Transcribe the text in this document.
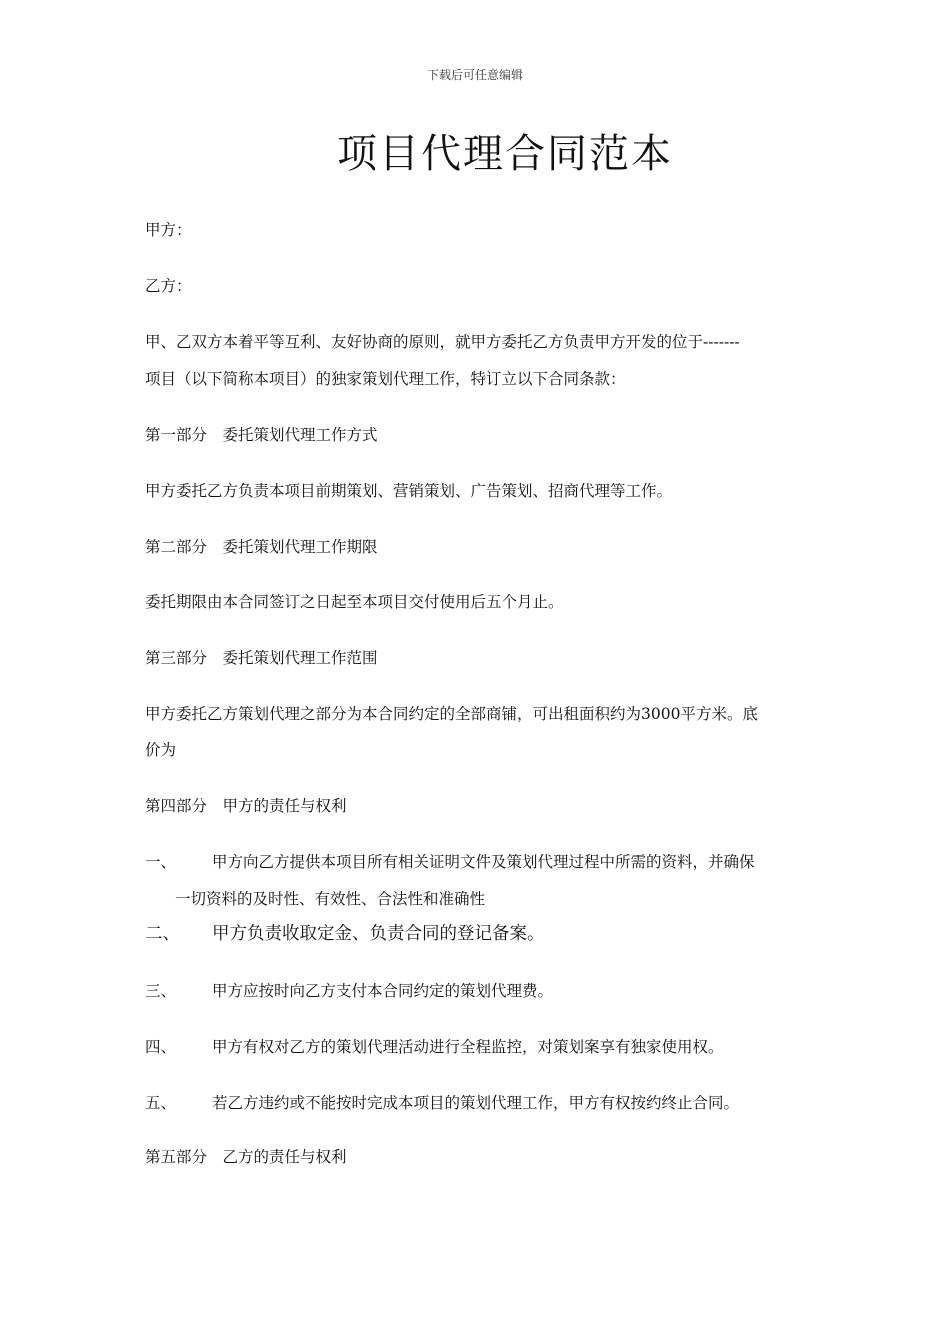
下载后可任意编辑
项目代理合同范本
甲方：
乙方：
甲、乙双方本着平等互利、友好协商的原则，就甲方委托乙方负责甲方开发的位于-------
项目（以下简称本项目）的独家策划代理工作，特订立以下合同条款：
第一部分　委托策划代理工作方式
甲方委托乙方负责本项目前期策划、营销策划、广告策划、招商代理等工作。
第二部分　委托策划代理工作期限
委托期限由本合同签订之日起至本项目交付使用后五个月止。
第三部分　委托策划代理工作范围
甲方委托乙方策划代理之部分为本合同约定的全部商铺，可出租面积约为3000平方米。底
价为
第四部分　甲方的责任与权利
一、 甲方向乙方提供本项目所有相关证明文件及策划代理过程中所需的资料，并确保
一切资料的及时性、有效性、合法性和准确性
二、 甲方负责收取定金、负责合同的登记备案。
三、 甲方应按时向乙方支付本合同约定的策划代理费。
四、 甲方有权对乙方的策划代理活动进行全程监控，对策划案享有独家使用权。
五、 若乙方违约或不能按时完成本项目的策划代理工作，甲方有权按约终止合同。
第五部分　乙方的责任与权利
